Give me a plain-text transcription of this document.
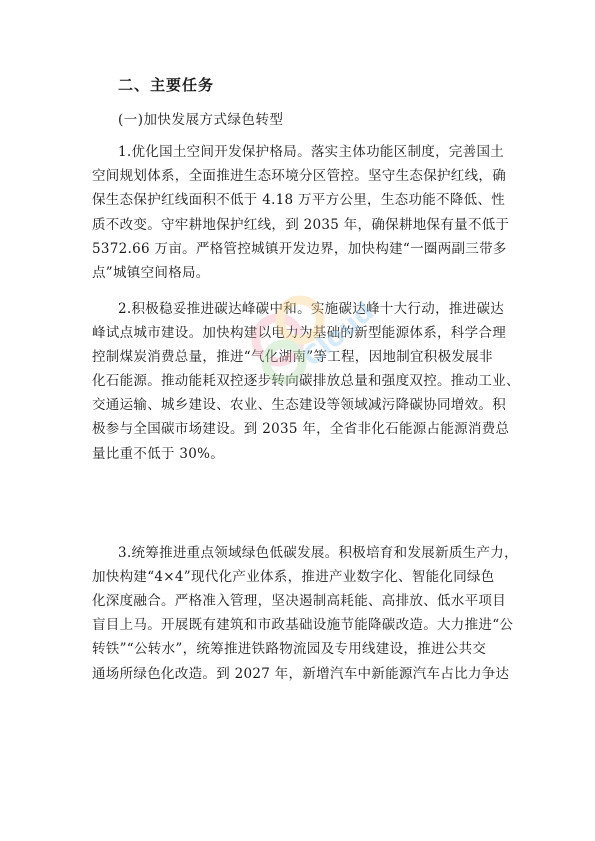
二、主要任务
(一)加快发展方式绿色转型
1.优化国土空间开发保护格局。落实主体功能区制度，完善国土
空间规划体系，全面推进生态环境分区管控。坚守生态保护红线，确
保生态保护红线面积不低于 4.18 万平方公里，生态功能不降低、性
质不改变。守牢耕地保护红线，到 2035 年，确保耕地保有量不低于
5372.66 万亩。严格管控城镇开发边界，加快构建“一圈两副三带多
点”城镇空间格局。
2.积极稳妥推进碳达峰碳中和。实施碳达峰十大行动，推进碳达
峰试点城市建设。加快构建以电力为基础的新型能源体系，科学合理
控制煤炭消费总量，推进“气化湖南”等工程，因地制宜积极发展非
化石能源。推动能耗双控逐步转向碳排放总量和强度双控。推动工业、
交通运输、城乡建设、农业、生态建设等领域减污降碳协同增效。积
极参与全国碳市场建设。到 2035 年，全省非化石能源占能源消费总
量比重不低于 30%。
3.统筹推进重点领域绿色低碳发展。积极培育和发展新质生产力，
加快构建“4×4”现代化产业体系，推进产业数字化、智能化同绿色
化深度融合。严格准入管理，坚决遏制高耗能、高排放、低水平项目
盲目上马。开展既有建筑和市政基础设施节能降碳改造。大力推进“公
转铁”“公转水”，统筹推进铁路物流园及专用线建设，推进公共交
通场所绿色化改造。到 2027 年，新增汽车中新能源汽车占比力争达
Cloud
